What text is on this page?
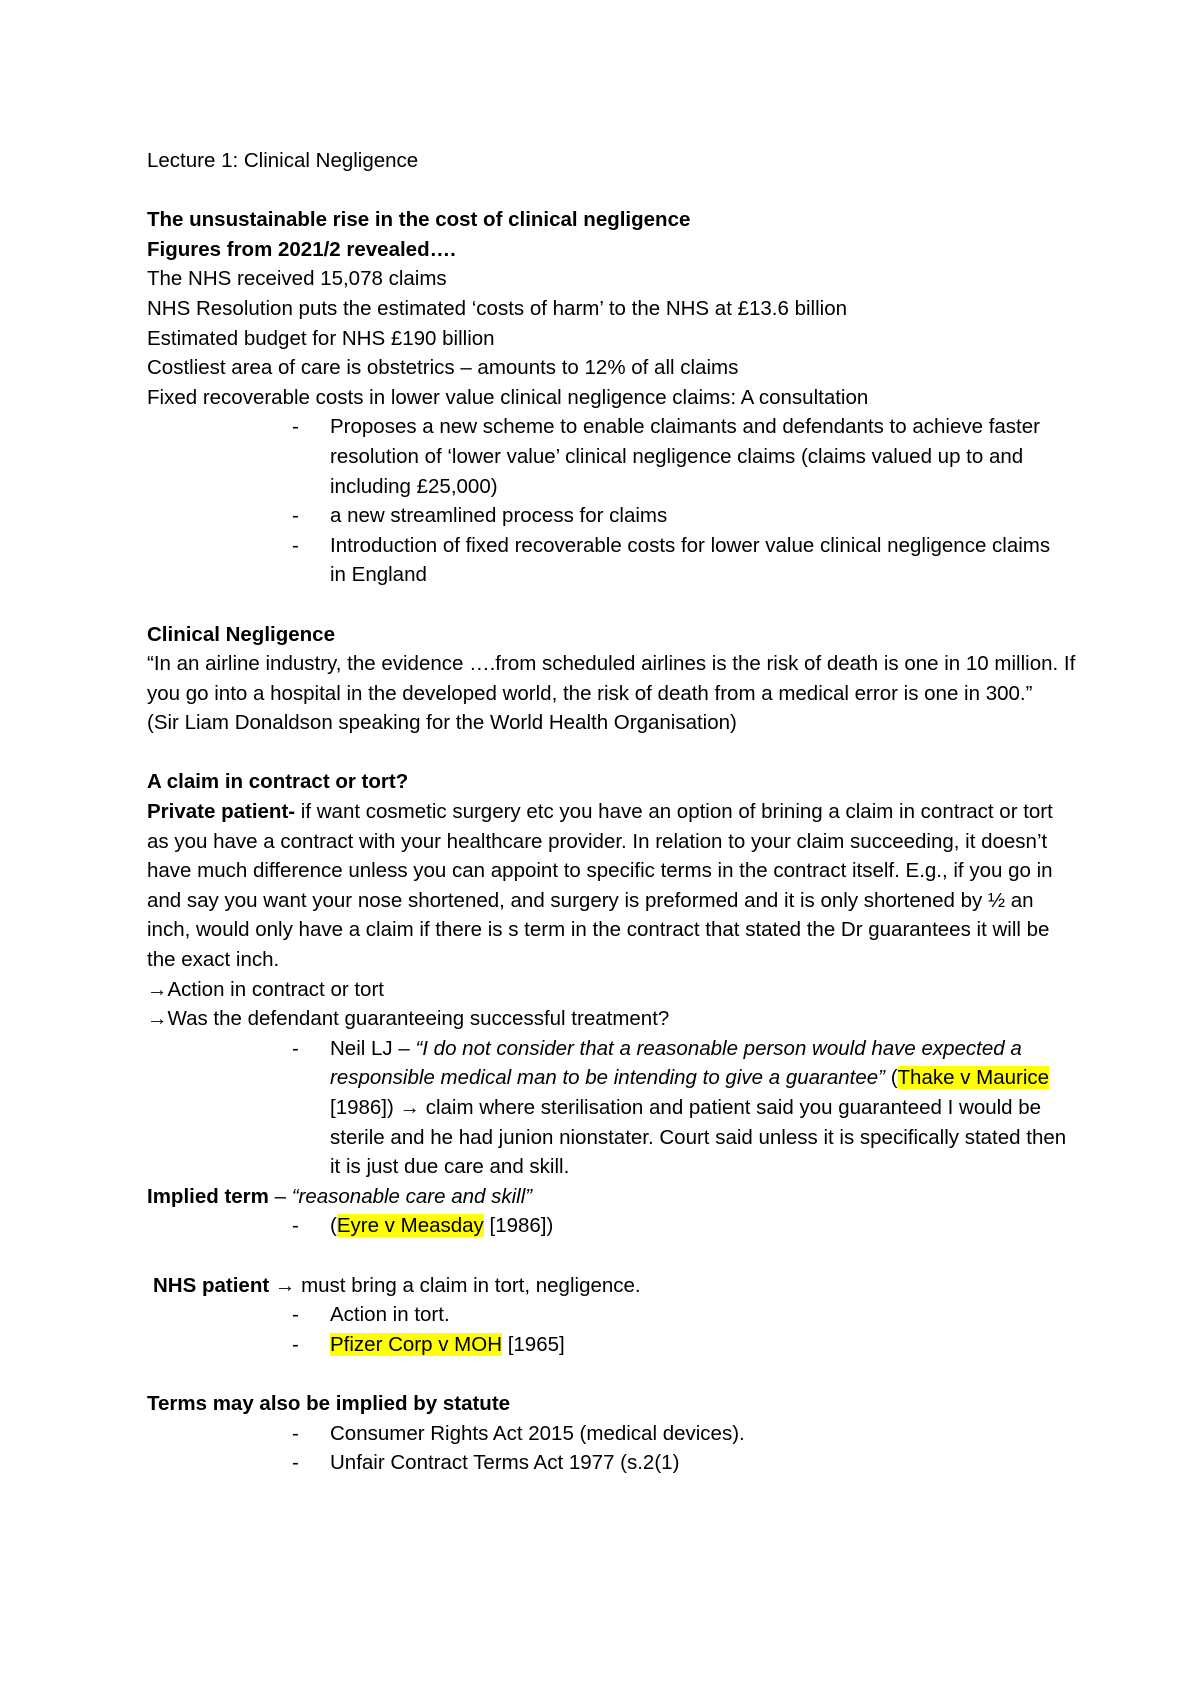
Lecture 1: Clinical Negligence
The unsustainable rise in the cost of clinical negligence
Figures from 2021/2 revealed….
The NHS received 15,078 claims
NHS Resolution puts the estimated ‘costs of harm’ to the NHS at £13.6 billion
Estimated budget for NHS £190 billion
Costliest area of care is obstetrics – amounts to 12% of all claims
Fixed recoverable costs in lower value clinical negligence claims: A consultation
-	Proposes a new scheme to enable claimants and defendants to achieve faster resolution of ‘lower value’ clinical negligence claims (claims valued up to and including £25,000)
-	a new streamlined process for claims
-	Introduction of fixed recoverable costs for lower value clinical negligence claims in England
Clinical Negligence
“In an airline industry, the evidence ….from scheduled airlines is the risk of death is one in 10 million. If you go into a hospital in the developed world, the risk of death from a medical error is one in 300.”
(Sir Liam Donaldson speaking for the World Health Organisation)
A claim in contract or tort?
Private patient- if want cosmetic surgery etc you have an option of brining a claim in contract or tort as you have a contract with your healthcare provider. In relation to your claim succeeding, it doesn’t have much difference unless you can appoint to specific terms in the contract itself. E.g., if you go in and say you want your nose shortened, and surgery is preformed and it is only shortened by ½ an inch, would only have a claim if there is s term in the contract that stated the Dr guarantees it will be the exact inch.
→Action in contract or tort
→Was the defendant guaranteeing successful treatment?
-	Neil LJ – “I do not consider that a reasonable person would have expected a responsible medical man to be intending to give a guarantee” (Thake v Maurice [1986]) → claim where sterilisation and patient said you guaranteed I would be sterile and he had junion nionstater. Court said unless it is specifically stated then it is just due care and skill.
Implied term – “reasonable care and skill”
-	(Eyre v Measday [1986])
NHS patient → must bring a claim in tort, negligence.
-	Action in tort.
-	Pfizer Corp v MOH [1965]
Terms may also be implied by statute
-	Consumer Rights Act 2015 (medical devices).
-	Unfair Contract Terms Act 1977 (s.2(1)
